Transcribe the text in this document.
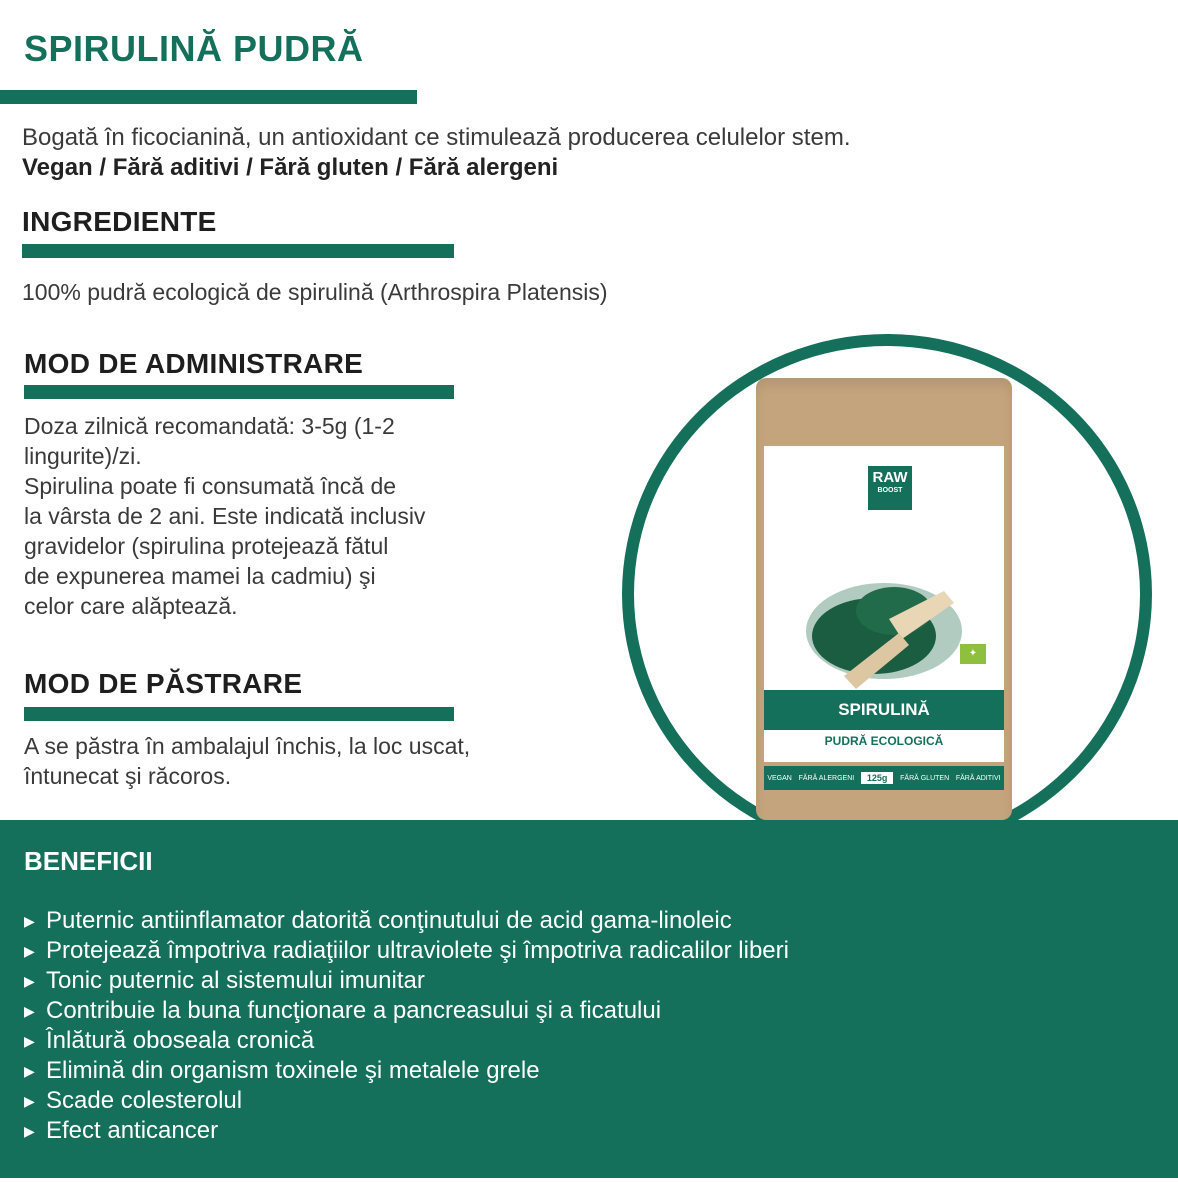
SPIRULINĂ PUDRĂ
Bogată în ficocianină, un antioxidant ce stimulează producerea celulelor stem.
Vegan / Fără aditivi / Fără gluten / Fără alergeni
INGREDIENTE
100% pudră ecologică de spirulină (Arthrospira Platensis)
MOD DE ADMINISTRARE
Doza zilnică recomandată: 3-5g (1-2
lingurite)/zi.
Spirulina poate fi consumată încă de
la vârsta de 2 ani. Este indicată inclusiv
gravidelor (spirulina protejează fătul
de expunerea mamei la cadmiu) şi
celor care alăptează.
MOD DE PĂSTRARE
A se păstra în ambalajul închis, la loc uscat,
întunecat şi răcoros.
RAW
BOOST
✦
SPIRULINĂ
PUDRĂ ECOLOGICĂ
VEGAN FĂRĂ ALERGENI	125g	FĂRĂ GLUTEN FĂRĂ ADITIVI
BENEFICII
▶ Puternic antiinflamator datorită conţinutului de acid gama-linoleic
▶ Protejează împotriva radiaţiilor ultraviolete şi împotriva radicalilor liberi
▶ Tonic puternic al sistemului imunitar
▶ Contribuie la buna funcţionare a pancreasului şi a ficatului
▶ Înlătură oboseala cronică
▶ Elimină din organism toxinele şi metalele grele
▶ Scade colesterolul
▶ Efect anticancer
